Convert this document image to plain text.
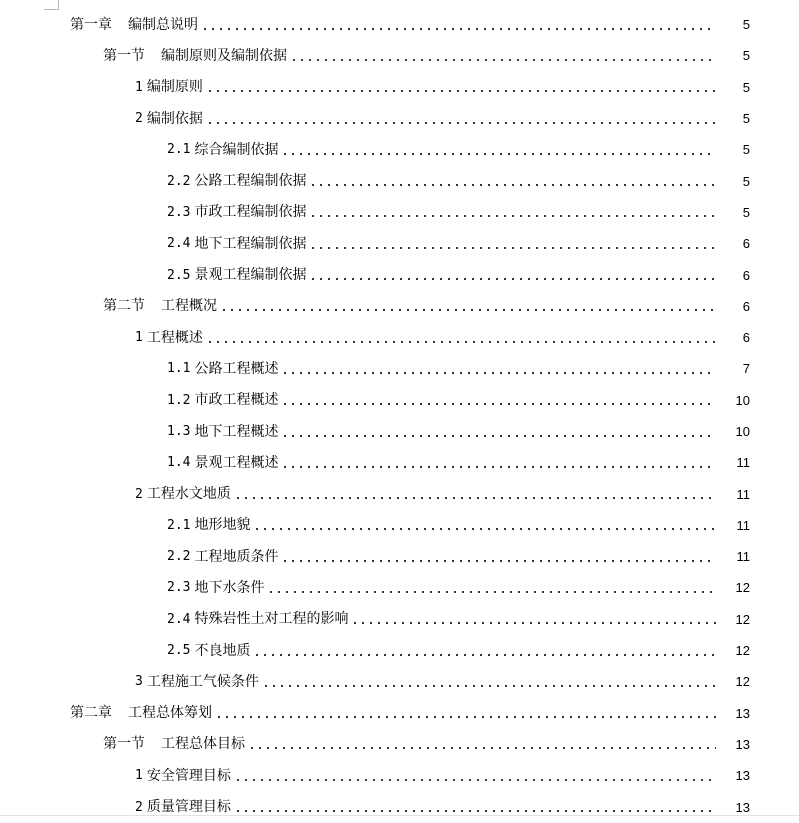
第一章 编制总说明	5
第一节 编制原则及编制依据	5
1 编制原则	5
2 编制依据	5
2.1 综合编制依据	5
2.2 公路工程编制依据	5
2.3 市政工程编制依据	5
2.4 地下工程编制依据	6
2.5 景观工程编制依据	6
第二节 工程概况	6
1 工程概述	6
1.1 公路工程概述	7
1.2 市政工程概述	10
1.3 地下工程概述	10
1.4 景观工程概述	11
2 工程水文地质	11
2.1 地形地貌	11
2.2 工程地质条件	11
2.3 地下水条件	12
2.4 特殊岩性土对工程的影响	12
2.5 不良地质	12
3 工程施工气候条件	12
第二章 工程总体筹划	13
第一节 工程总体目标	13
1 安全管理目标	13
2 质量管理目标	13
